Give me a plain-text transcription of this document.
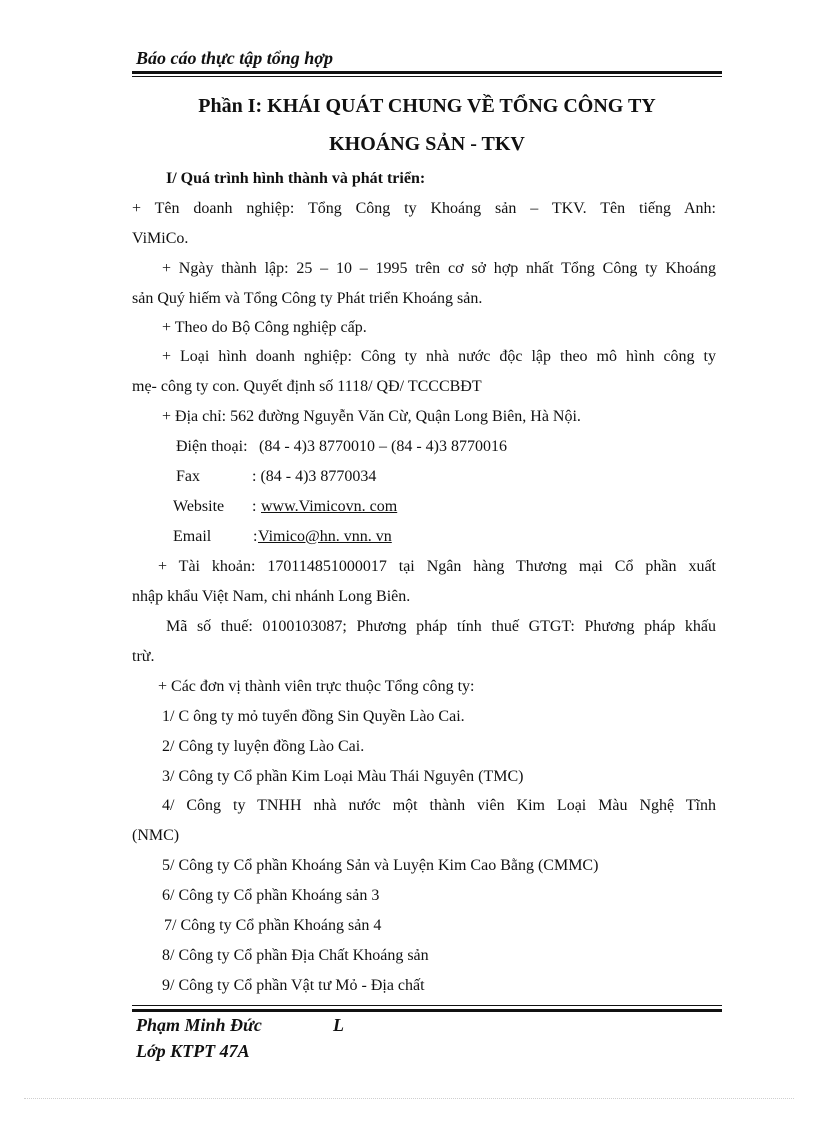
Báo cáo thực tập tổng hợp
Phần I: KHÁI QUÁT CHUNG VỀ TỔNG CÔNG TY
KHOÁNG SẢN - TKV
I/ Quá trình hình thành và phát triển:
+ Tên doanh nghiệp: Tổng Công ty Khoáng sản – TKV. Tên tiếng Anh:
ViMiCo.
+ Ngày thành lập: 25 – 10 – 1995 trên cơ sở hợp nhất Tổng Công ty Khoáng
sản Quý hiếm và Tổng Công ty Phát triển Khoáng sản.
+ Theo do Bộ Công nghiệp cấp.
+ Loại hình doanh nghiệp: Công ty nhà nước độc lập theo mô hình công ty
mẹ- công ty con. Quyết định số 1118/ QĐ/ TCCCBĐT
+ Địa chỉ: 562 đường Nguyễn Văn Cừ, Quận Long Biên, Hà Nội.
Điện thoại: (84 - 4)3 8770010 – (84 - 4)3 8770016
Fax	: (84 - 4)3 8770034
Website : www.Vimicovn. com
Email	: Vimico@hn. vnn. vn
+ Tài khoản: 170114851000017 tại Ngân hàng Thương mại Cổ phần xuất
nhập khẩu Việt Nam, chi nhánh Long Biên.
Mã số thuế: 0100103087; Phương pháp tính thuế GTGT: Phương pháp khấu
trừ.
+ Các đơn vị thành viên trực thuộc Tổng công ty:
1/ C ông ty mỏ tuyển đồng Sin Quyền Lào Cai.
2/ Công ty luyện đồng Lào Cai.
3/ Công ty Cổ phần Kim Loại Màu Thái Nguyên (TMC)
4/ Công ty TNHH nhà nước một thành viên Kim Loại Màu Nghệ Tĩnh
(NMC)
5/ Công ty Cổ phần Khoáng Sản và Luyện Kim Cao Bằng (CMMC)
6/ Công ty Cổ phần Khoáng sản 3
7/ Công ty Cổ phần Khoáng sản 4
8/ Công ty Cổ phần Địa Chất Khoáng sản
9/ Công ty Cổ phần Vật tư Mỏ - Địa chất
Phạm Minh Đức	L
Lớp KTPT 47A
